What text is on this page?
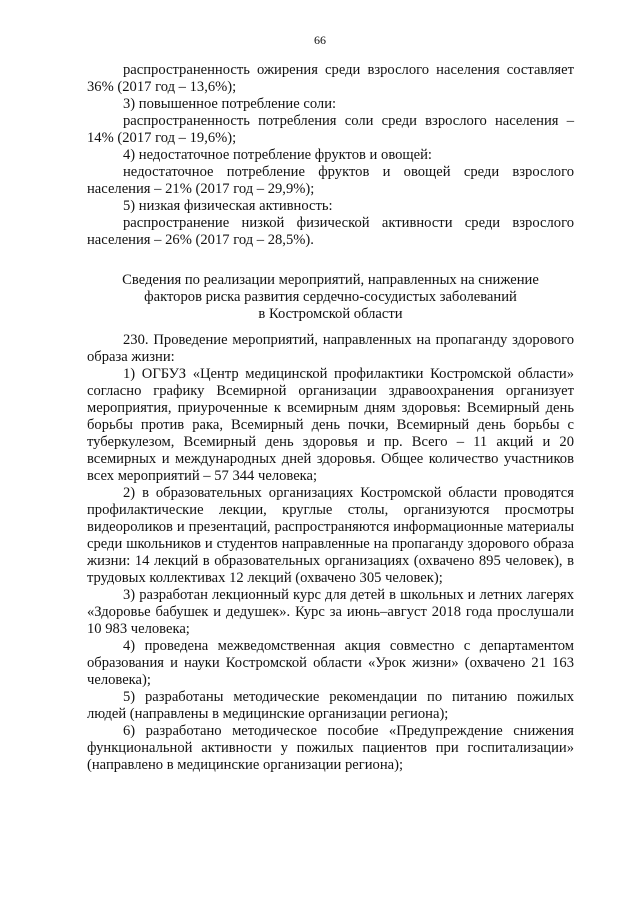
66

распространенность ожирения среди взрослого населения составляет 36% (2017 год – 13,6%);

3) повышенное потребление соли:

распространенность потребления соли среди взрослого населения – 14% (2017 год – 19,6%);

4) недостаточное потребление фруктов и овощей:

недостаточное потребление фруктов и овощей среди взрослого населения – 21% (2017 год – 29,9%);

5) низкая физическая активность:

распространение низкой физической активности среди взрослого населения – 26% (2017 год – 28,5%).

Сведения по реализации мероприятий, направленных на снижение
факторов риска развития сердечно-сосудистых заболеваний
в Костромской области

230. Проведение мероприятий, направленных на пропаганду здорового образа жизни:

1) ОГБУЗ «Центр медицинской профилактики Костромской области» согласно графику Всемирной организации здравоохранения организует мероприятия, приуроченные к всемирным дням здоровья: Всемирный день борьбы против рака, Всемирный день почки, Всемирный день борьбы с туберкулезом, Всемирный день здоровья и пр. Всего – 11 акций и 20 всемирных и международных дней здоровья. Общее количество участников всех мероприятий – 57 344 человека;

2) в образовательных организациях Костромской области проводятся профилактические лекции, круглые столы, организуются просмотры видеороликов и презентаций, распространяются информационные материалы среди школьников и студентов направленные на пропаганду здорового образа жизни: 14 лекций в образовательных организациях (охвачено 895 человек), в трудовых коллективах 12 лекций (охвачено 305 человек);

3) разработан лекционный курс для детей в школьных и летних лагерях «Здоровье бабушек и дедушек». Курс за июнь–август 2018 года прослушали 10 983 человека;

4) проведена межведомственная акция совместно с департаментом образования и науки Костромской области «Урок жизни» (охвачено 21 163 человека);

5) разработаны методические рекомендации по питанию пожилых людей (направлены в медицинские организации региона);

6) разработано методическое пособие «Предупреждение снижения функциональной активности у пожилых пациентов при госпитализации» (направлено в медицинские организации региона);
